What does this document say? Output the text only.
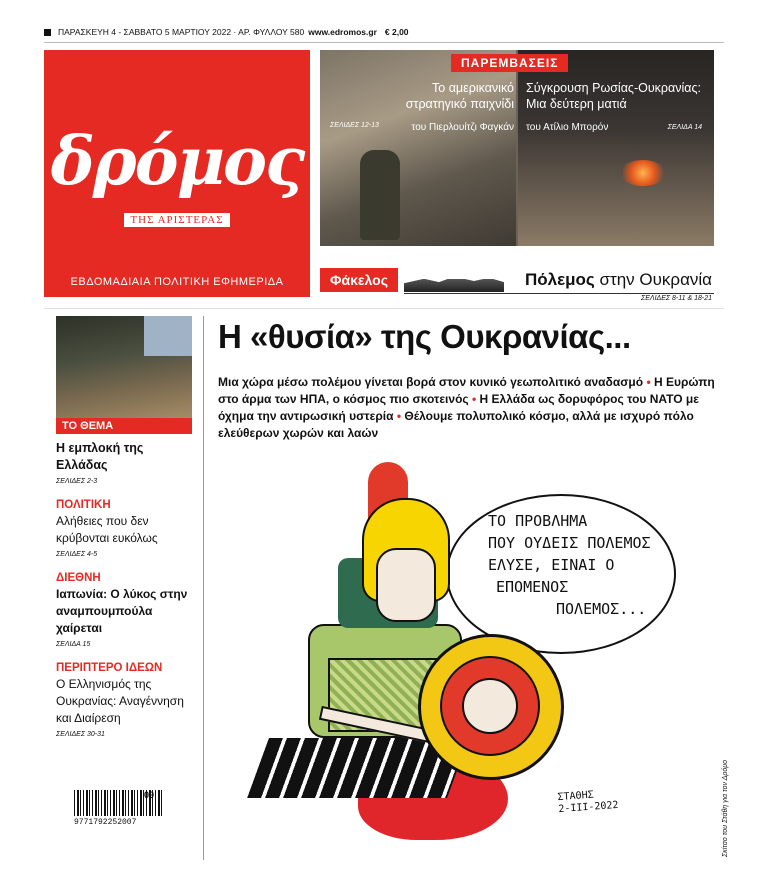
ΠΑΡΑΣΚΕΥΗ 4 - ΣΑΒΒΑΤΟ 5 ΜΑΡΤΙΟΥ 2022 · ΑΡ. ΦΥΛΛΟΥ 580 www.edromos.gr € 2,00
δρόμος
ΤΗΣ ΑΡΙΣΤΕΡΑΣ
ΕΒΔΟΜΑΔΙΑΙΑ ΠΟΛΙΤΙΚΗ ΕΦΗΜΕΡΙΔΑ
ΠΑΡΕΜΒΑΣΕΙΣ
Το αμερικανικό
στρατηγικό παιχνίδι
του Πιερλουίτζι Φαγκάν
ΣΕΛΙΔΕΣ 12-13
Σύγκρουση Ρωσίας-Ουκρανίας:
Μια δεύτερη ματιά
του Ατίλιο Μπορόν	ΣΕΛΙΔΑ 14
Φάκελος	Πόλεμος στην Ουκρανία
ΣΕΛΙΔΕΣ 8-11 & 18-21
ΤΟ ΘΕΜΑ
Η εμπλοκή της Ελλάδας
ΣΕΛΙΔΕΣ 2-3
ΠΟΛΙΤΙΚΗ
Αλήθειες που δεν κρύβονται ευκόλως
ΣΕΛΙΔΕΣ 4-5
ΔΙΕΘΝΗ
Ιαπωνία: Ο λύκος στην αναμπουμπούλα χαίρεται
ΣΕΛΙΔΑ 15
ΠΕΡΙΠΤΕΡΟ ΙΔΕΩΝ
Ο Ελληνισμός της Ουκρανίας: Αναγέννηση και Διαίρεση
ΣΕΛΙΔΕΣ 30-31
Η «θυσία» της Ουκρανίας...
Μια χώρα μέσω πολέμου γίνεται βορά στον κυνικό γεωπολιτικό αναδασμό • Η Ευρώπη στο άρμα των ΗΠΑ, ο κόσμος πιο σκοτεινός • Η Ελλάδα ως δορυφόρος του ΝΑΤΟ με όχημα την αντιρωσική υστερία • Θέλουμε πολυπολικό κόσμο, αλλά με ισχυρό πόλο ελεύθερων χωρών και λαών
ΤΟ ΠΡΟΒΛΗΜΑ
ΠΟΥ ΟΥΔΕΙΣ ΠΟΛΕΜΟΣ
ΕΛΥΣΕ, ΕΙΝΑΙ Ο
ΕΠΟΜΕΝΟΣ
ΠΟΛΕΜΟΣ...
ΣΤΑΘΗΣ
2-ΙΙΙ-2022	Σκίτσο του Στάθη για τον Δρόμο
09
9771792252007
